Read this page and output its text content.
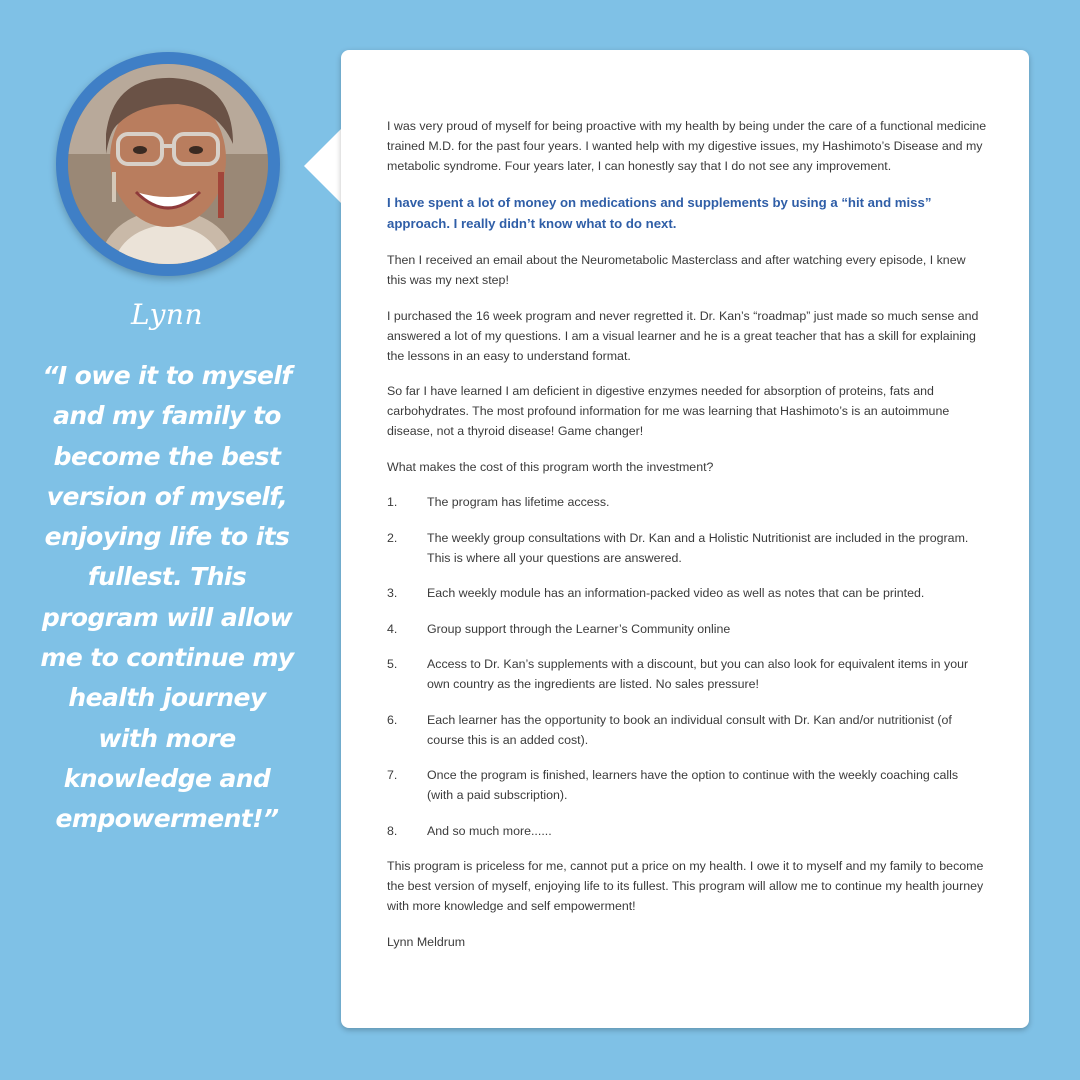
Lynn
“I owe it to myself and my family to become the best version of myself, enjoying life to its fullest. This program will allow me to continue my health journey with more knowledge and empowerment!”

I was very proud of myself for being proactive with my health by being under the care of a functional medicine trained M.D. for the past four years. I wanted help with my digestive issues, my Hashimoto’s Disease and my metabolic syndrome. Four years later, I can honestly say that I do not see any improvement.

I have spent a lot of money on medications and supplements by using a “hit and miss” approach. I really didn’t know what to do next.

Then I received an email about the Neurometabolic Masterclass and after watching every episode, I knew this was my next step!

I purchased the 16 week program and never regretted it. Dr. Kan’s “roadmap” just made so much sense and answered a lot of my questions. I am a visual learner and he is a great teacher that has a skill for explaining the lessons in an easy to understand format.

So far I have learned I am deficient in digestive enzymes needed for absorption of proteins, fats and carbohydrates. The most profound information for me was learning that Hashimoto’s is an autoimmune disease, not a thyroid disease! Game changer!

What makes the cost of this program worth the investment?

1.	The program has lifetime access.
2.	The weekly group consultations with Dr. Kan and a Holistic Nutritionist are included in the program. This is where all your questions are answered.
3.	Each weekly module has an information-packed video as well as notes that can be printed.
4.	Group support through the Learner’s Community online
5.	Access to Dr. Kan’s supplements with a discount, but you can also look for equivalent items in your own country as the ingredients are listed. No sales pressure!
6.	Each learner has the opportunity to book an individual consult with Dr. Kan and/or nutritionist (of course this is an added cost).
7.	Once the program is finished, learners have the option to continue with the weekly coaching calls (with a paid subscription).
8.	And so much more......

This program is priceless for me, cannot put a price on my health. I owe it to myself and my family to become the best version of myself, enjoying life to its fullest. This program will allow me to continue my health journey with more knowledge and self empowerment!

Lynn Meldrum
